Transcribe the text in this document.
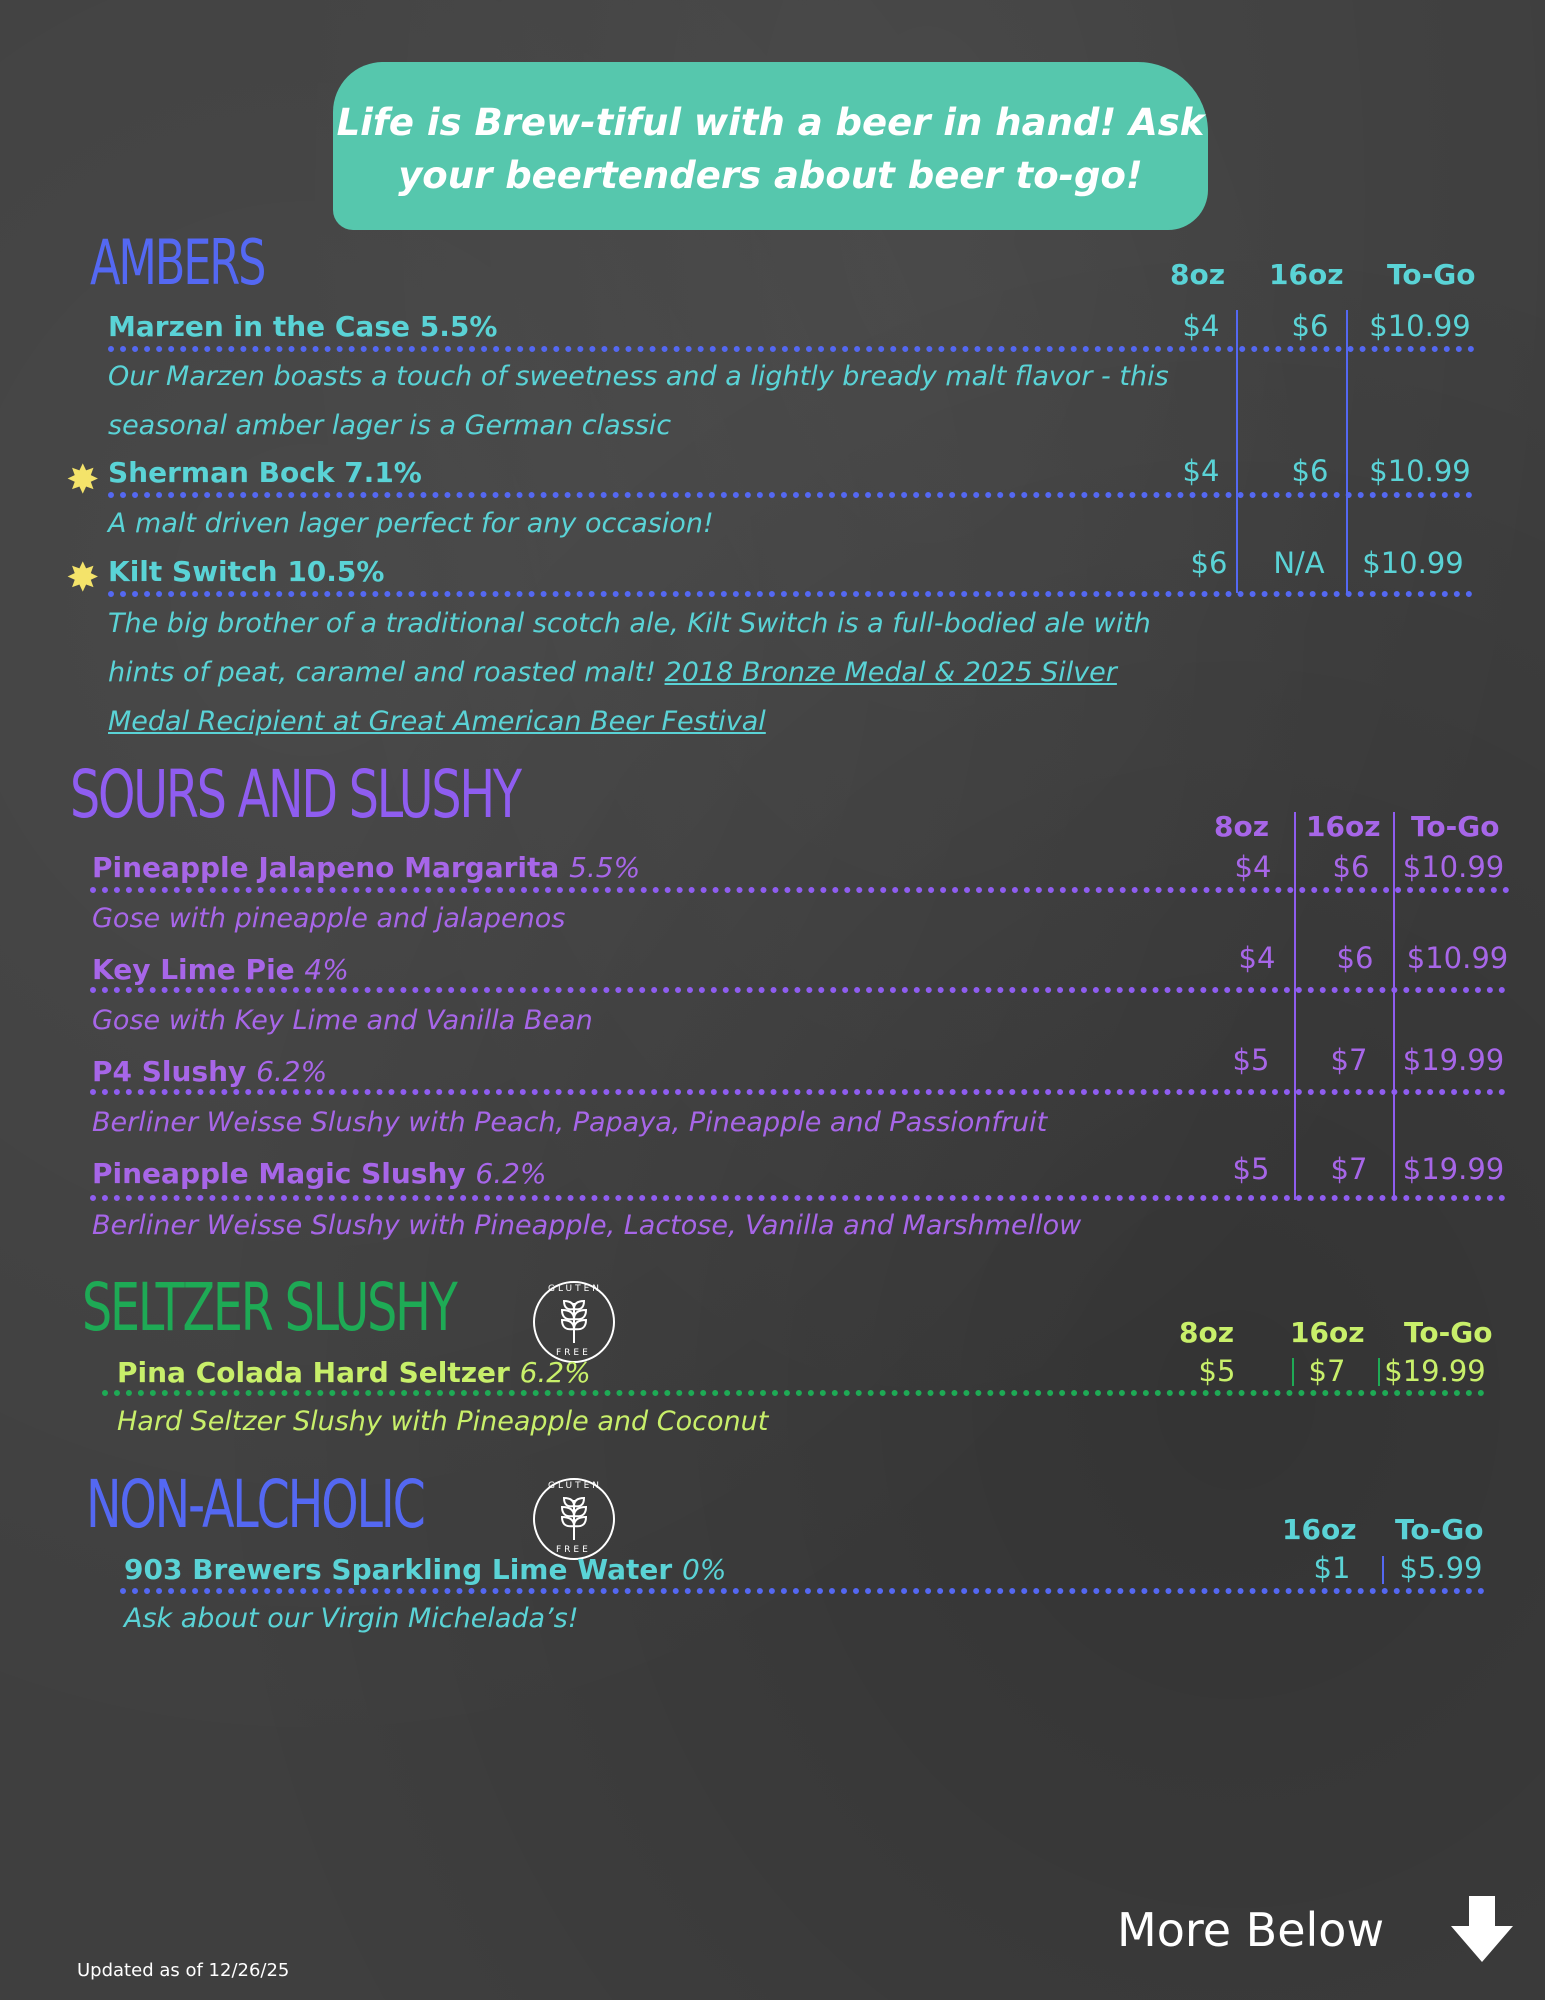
Life is Brew-tiful with a beer in hand! Ask
your beertenders about beer to-go!
AMBERS	8oz 16oz To-Go
Marzen in the Case 5.5%	$4	$6	$10.99
Our Marzen boasts a touch of sweetness and a lightly bready malt flavor - this
seasonal amber lager is a German classic
✸ Sherman Bock 7.1%	$4	$6	$10.99
A malt driven lager perfect for any occasion!
✸ Kilt Switch 10.5%	$6	N/A	$10.99
The big brother of a traditional scotch ale, Kilt Switch is a full-bodied ale with
hints of peat, caramel and roasted malt! 2018 Bronze Medal & 2025 Silver
Medal Recipient at Great American Beer Festival
SOURS AND SLUSHY	8oz 16oz To-Go
Pineapple Jalapeno Margarita 5.5%	$4	$6	$10.99
Gose with pineapple and jalapenos
Key Lime Pie 4%	$4	$6	$10.99
Gose with Key Lime and Vanilla Bean
P4 Slushy 6.2%	$5	$7	$19.99
Berliner Weisse Slushy with Peach, Papaya, Pineapple and Passionfruit
Pineapple Magic Slushy 6.2%	$5	$7	$19.99
Berliner Weisse Slushy with Pineapple, Lactose, Vanilla and Marshmellow
SELTZER SLUSHY	GLUTEN
FREE
8oz 16oz To-Go
Pina Colada Hard Seltzer 6.2%	$5	$7	$19.99
Hard Seltzer Slushy with Pineapple and Coconut
NON-ALCHOLIC	GLUTEN
FREE
16oz To-Go
903 Brewers Sparkling Lime Water 0%	$1	$5.99
Ask about our Virgin Michelada’s!
More Below
Updated as of 12/26/25
